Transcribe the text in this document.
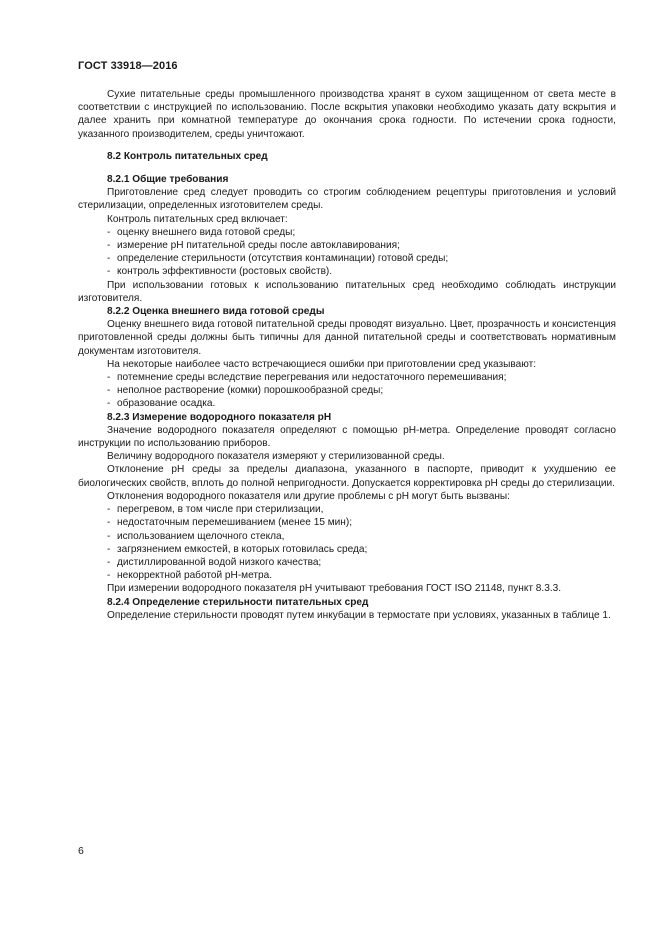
ГОСТ 33918—2016

Сухие питательные среды промышленного производства хранят в сухом защищенном от света месте в соответствии с инструкцией по использованию. После вскрытия упаковки необходимо указать дату вскрытия и далее хранить при комнатной температуре до окончания срока годности. По истечении срока годности, указанного производителем, среды уничтожают.

8.2 Контроль питательных сред

8.2.1 Общие требования

Приготовление сред следует проводить со строгим соблюдением рецептуры приготовления и условий стерилизации, определенных изготовителем среды.

Контроль питательных сред включает:

- оценку внешнего вида готовой среды;
- измерение рН питательной среды после автоклавирования;
- определение стерильности (отсутствия контаминации) готовой среды;
- контроль эффективности (ростовых свойств).

При использовании готовых к использованию питательных сред необходимо соблюдать инструкции изготовителя.

8.2.2 Оценка внешнего вида готовой среды

Оценку внешнего вида готовой питательной среды проводят визуально. Цвет, прозрачность и консистенция приготовленной среды должны быть типичны для данной питательной среды и соответствовать нормативным документам изготовителя.

На некоторые наиболее часто встречающиеся ошибки при приготовлении сред указывают:

- потемнение среды вследствие перегревания или недостаточного перемешивания;
- неполное растворение (комки) порошкообразной среды;
- образование осадка.

8.2.3 Измерение водородного показателя рН

Значение водородного показателя определяют с помощью рН-метра. Определение проводят согласно инструкции по использованию приборов.

Величину водородного показателя измеряют у стерилизованной среды.

Отклонение рН среды за пределы диапазона, указанного в паспорте, приводит к ухудшению ее биологических свойств, вплоть до полной непригодности. Допускается корректировка рН среды до стерилизации.

Отклонения водородного показателя или другие проблемы с рН могут быть вызваны:

- перегревом, в том числе при стерилизации,
- недостаточным перемешиванием (менее 15 мин);
- использованием щелочного стекла,
- загрязнением емкостей, в которых готовилась среда;
- дистиллированной водой низкого качества;
- некорректной работой рН-метра.

При измерении водородного показателя рН учитывают требования ГОСТ ISO 21148, пункт 8.3.3.

8.2.4 Определение стерильности питательных сред

Определение стерильности проводят путем инкубации в термостате при условиях, указанных в таблице 1.

6
